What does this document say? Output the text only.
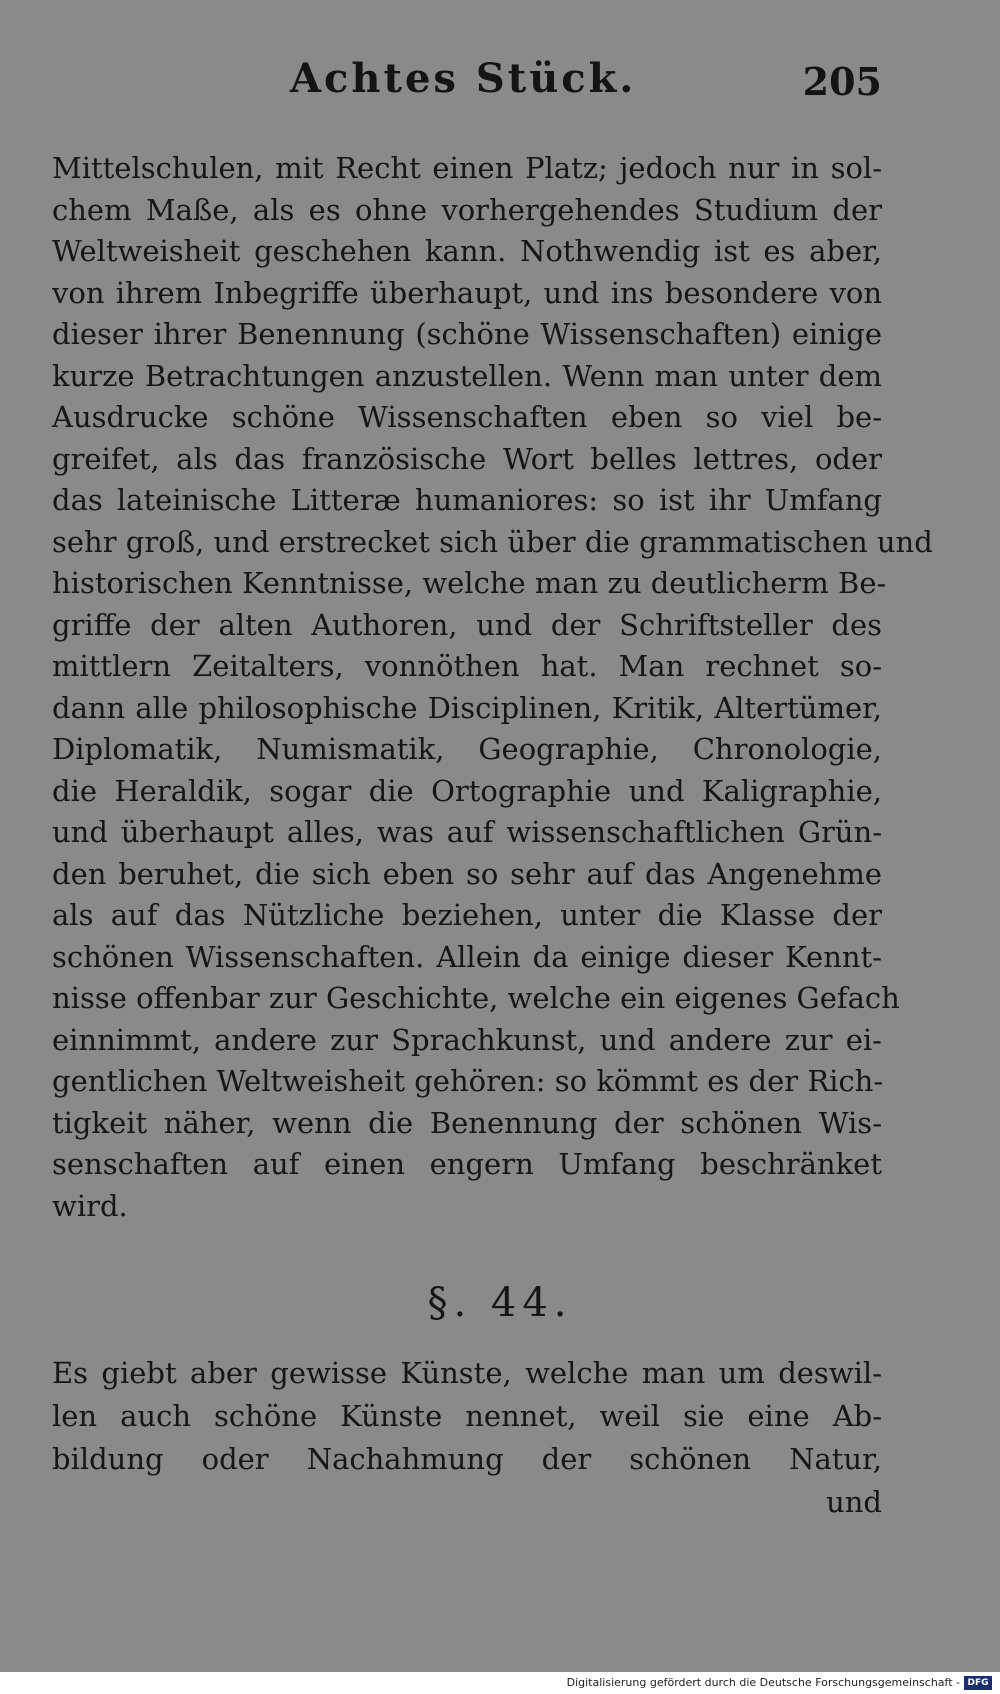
Achtes Stück.	205
Mittelschulen, mit Recht einen Platz; jedoch nur in sol-
chem Maße, als es ohne vorhergehendes Studium der
Weltweisheit geschehen kann. Nothwendig ist es aber,
von ihrem Inbegriffe überhaupt, und ins besondere von
dieser ihrer Benennung (schöne Wissenschaften) einige
kurze Betrachtungen anzustellen. Wenn man unter dem
Ausdrucke schöne Wissenschaften eben so viel be-
greifet, als das französische Wort belles lettres, oder
das lateinische Litteræ humaniores: so ist ihr Umfang
sehr groß, und erstrecket sich über die grammatischen und
historischen Kenntnisse, welche man zu deutlicherm Be-
griffe der alten Authoren, und der Schriftsteller des
mittlern Zeitalters, vonnöthen hat. Man rechnet so-
dann alle philosophische Disciplinen, Kritik, Altertümer,
Diplomatik, Numismatik, Geographie, Chronologie,
die Heraldik, sogar die Ortographie und Kaligraphie,
und überhaupt alles, was auf wissenschaftlichen Grün-
den beruhet, die sich eben so sehr auf das Angenehme
als auf das Nützliche beziehen, unter die Klasse der
schönen Wissenschaften. Allein da einige dieser Kennt-
nisse offenbar zur Geschichte, welche ein eigenes Gefach
einnimmt, andere zur Sprachkunst, und andere zur ei-
gentlichen Weltweisheit gehören: so kömmt es der Rich-
tigkeit näher, wenn die Benennung der schönen Wis-
senschaften auf einen engern Umfang beschränket
wird.
§. 44.
Es giebt aber gewisse Künste, welche man um deswil-
len auch schöne Künste nennet, weil sie eine Ab-
bildung oder Nachahmung der schönen Natur,
und
Digitalisierung gefördert durch die Deutsche Forschungsgemeinschaft - DFG
